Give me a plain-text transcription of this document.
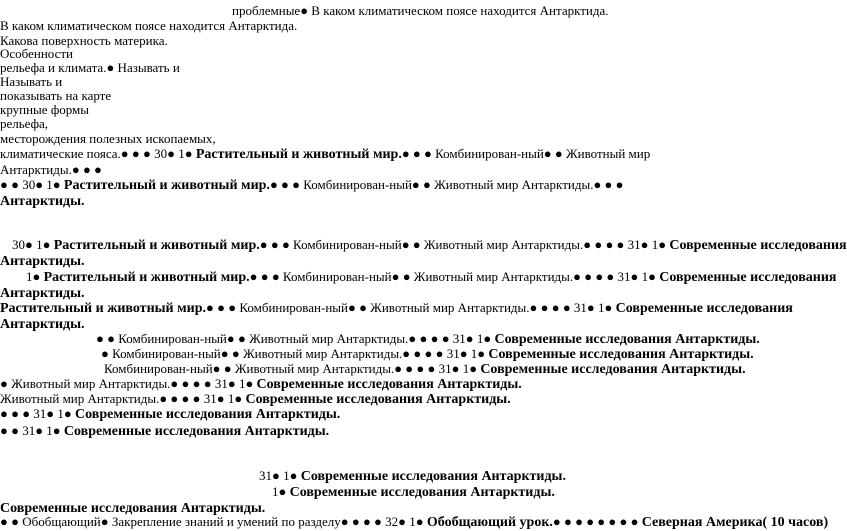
проблемные● В каком климатическом поясе находится Антарктида.
В каком климатическом поясе находится Антарктида.
Какова поверхность материка.
Особенности
рельефа и климата.● Называть и
Называть и
показывать на карте
крупные формы
рельефа,
месторождения полезных ископаемых,
климатические пояса.● ● ● 30● 1● Растительный и животный мир.● ● ● Комбинирован-ный● ● Животный мир
Антарктиды.● ● ●
● ● 30● 1● Растительный и животный мир.● ● ● Комбинирован-ный● ● Животный мир Антарктиды.● ● ●
Антарктиды.
30● 1● Растительный и животный мир.● ● ● Комбинирован-ный● ● Животный мир Антарктиды.● ● ● ● 31● 1● Современные исследования
Антарктиды.
1● Растительный и животный мир.● ● ● Комбинирован-ный● ● Животный мир Антарктиды.● ● ● ● 31● 1● Современные исследования
Антарктиды.
Растительный и животный мир.● ● ● Комбинирован-ный● ● Животный мир Антарктиды.● ● ● ● 31● 1● Современные исследования
Антарктиды.
● ● Комбинирован-ный● ● Животный мир Антарктиды.● ● ● ● 31● 1● Современные исследования Антарктиды.
● Комбинирован-ный● ● Животный мир Антарктиды.● ● ● ● 31● 1● Современные исследования Антарктиды.
Комбинирован-ный● ● Животный мир Антарктиды.● ● ● ● 31● 1● Современные исследования Антарктиды.
● Животный мир Антарктиды.● ● ● ● 31● 1● Современные исследования Антарктиды.
Животный мир Антарктиды.● ● ● ● 31● 1● Современные исследования Антарктиды.
● ● ● 31● 1● Современные исследования Антарктиды.
● ● 31● 1● Современные исследования Антарктиды.
31● 1● Современные исследования Антарктиды.
1● Современные исследования Антарктиды.
Современные исследования Антарктиды.
● ● Обобщающий● Закрепление знаний и умений по разделу● ● ● ● 32● 1● Обобщающий урок.● ● ● ● ● ● ● ● Северная Америка( 10 часов)
